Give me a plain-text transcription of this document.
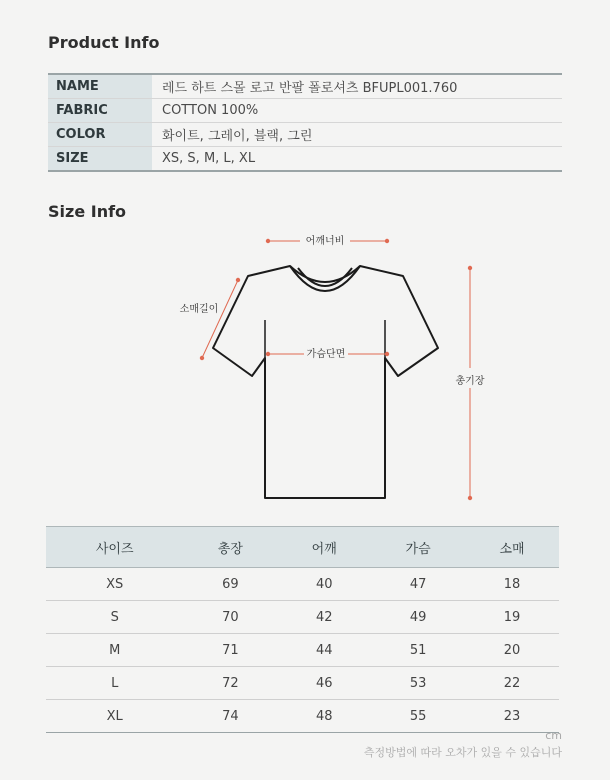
Product Info
NAME	레드 하트 스몰 로고 반팔 폴로셔츠 BFUPL001.760
FABRIC	COTTON 100%
COLOR	화이트, 그레이, 블랙, 그린
SIZE	XS, S, M, L, XL
Size Info
어깨너비
소매길이
가슴단면
총기장
사이즈	총장	어깨	가슴	소매
XS	69	40	47	18
S	70	42	49	19
M	71	44	51	20
L	72	46	53	22
XL	74	48	55	23
cm
측정방법에 따라 오차가 있을 수 있습니다
